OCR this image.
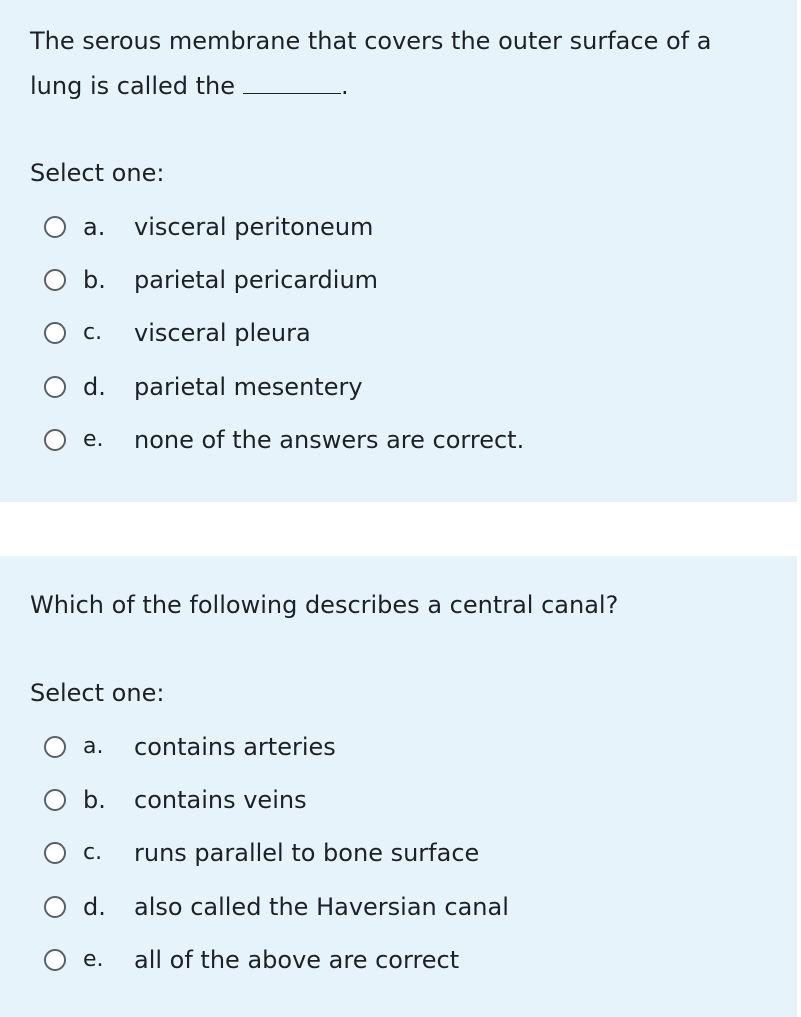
The serous membrane that covers the outer surface of a lung is called the	.

Select one:

a.	visceral peritoneum
b.	parietal pericardium
c.	visceral pleura
d.	parietal mesentery
e.	none of the answers are correct.

Which of the following describes a central canal?

Select one:

a.	contains arteries
b.	contains veins
c.	runs parallel to bone surface
d.	also called the Haversian canal
e.	all of the above are correct
